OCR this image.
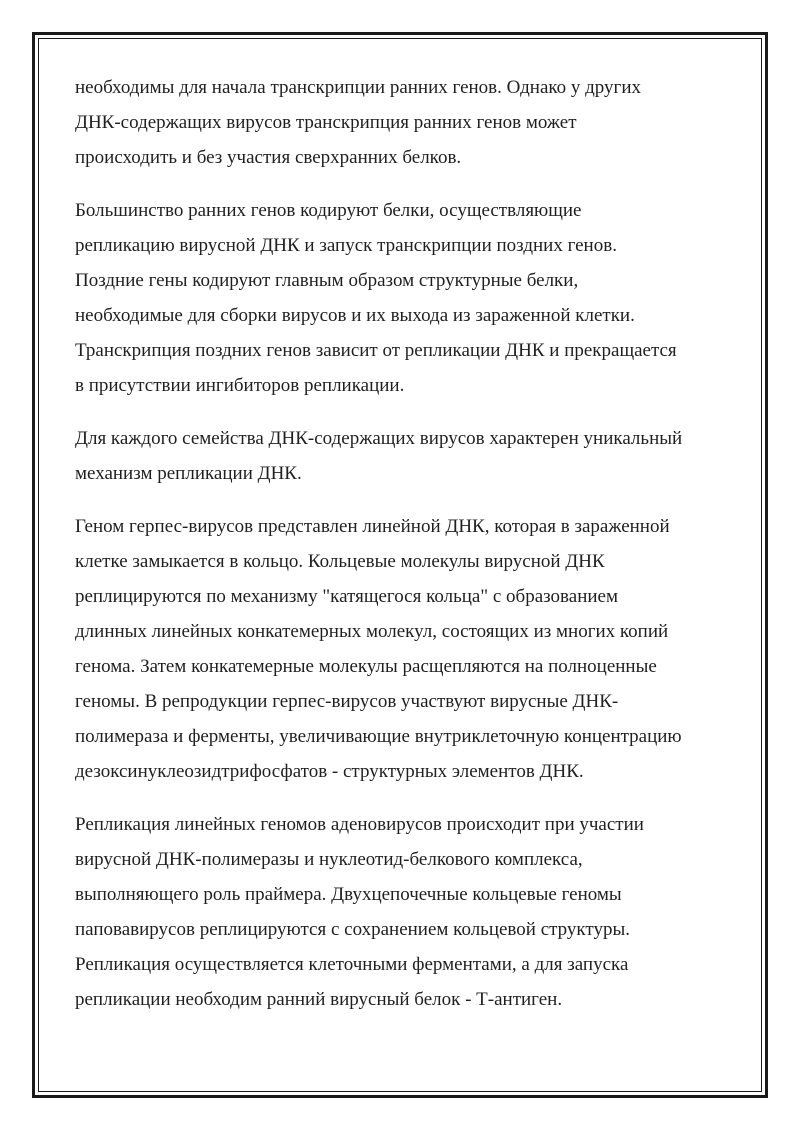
необходимы для начала транскрипции ранних генов. Однако у других
ДНК-содержащих вирусов транскрипция ранних генов может
происходить и без участия сверхранних белков.
Большинство ранних генов кодируют белки, осуществляющие
репликацию вирусной ДНК и запуск транскрипции поздних генов.
Поздние гены кодируют главным образом структурные белки,
необходимые для сборки вирусов и их выхода из зараженной клетки.
Транскрипция поздних генов зависит от репликации ДНК и прекращается
в присутствии ингибиторов репликации.
Для каждого семейства ДНК-содержащих вирусов характерен уникальный
механизм репликации ДНК.
Геном герпес-вирусов представлен линейной ДНК, которая в зараженной
клетке замыкается в кольцо. Кольцевые молекулы вирусной ДНК
реплицируются по механизму "катящегося кольца" с образованием
длинных линейных конкатемерных молекул, состоящих из многих копий
генома. Затем конкатемерные молекулы расщепляются на полноценные
геномы. В репродукции герпес-вирусов участвуют вирусные ДНК-
полимераза и ферменты, увеличивающие внутриклеточную концентрацию
дезоксинуклеозидтрифосфатов - структурных элементов ДНК.
Репликация линейных геномов аденовирусов происходит при участии
вирусной ДНК-полимеразы и нуклеотид-белкового комплекса,
выполняющего роль праймера. Двухцепочечные кольцевые геномы
паповавирусов реплицируются с сохранением кольцевой структуры.
Репликация осуществляется клеточными ферментами, а для запуска
репликации необходим ранний вирусный белок - Т-антиген.
